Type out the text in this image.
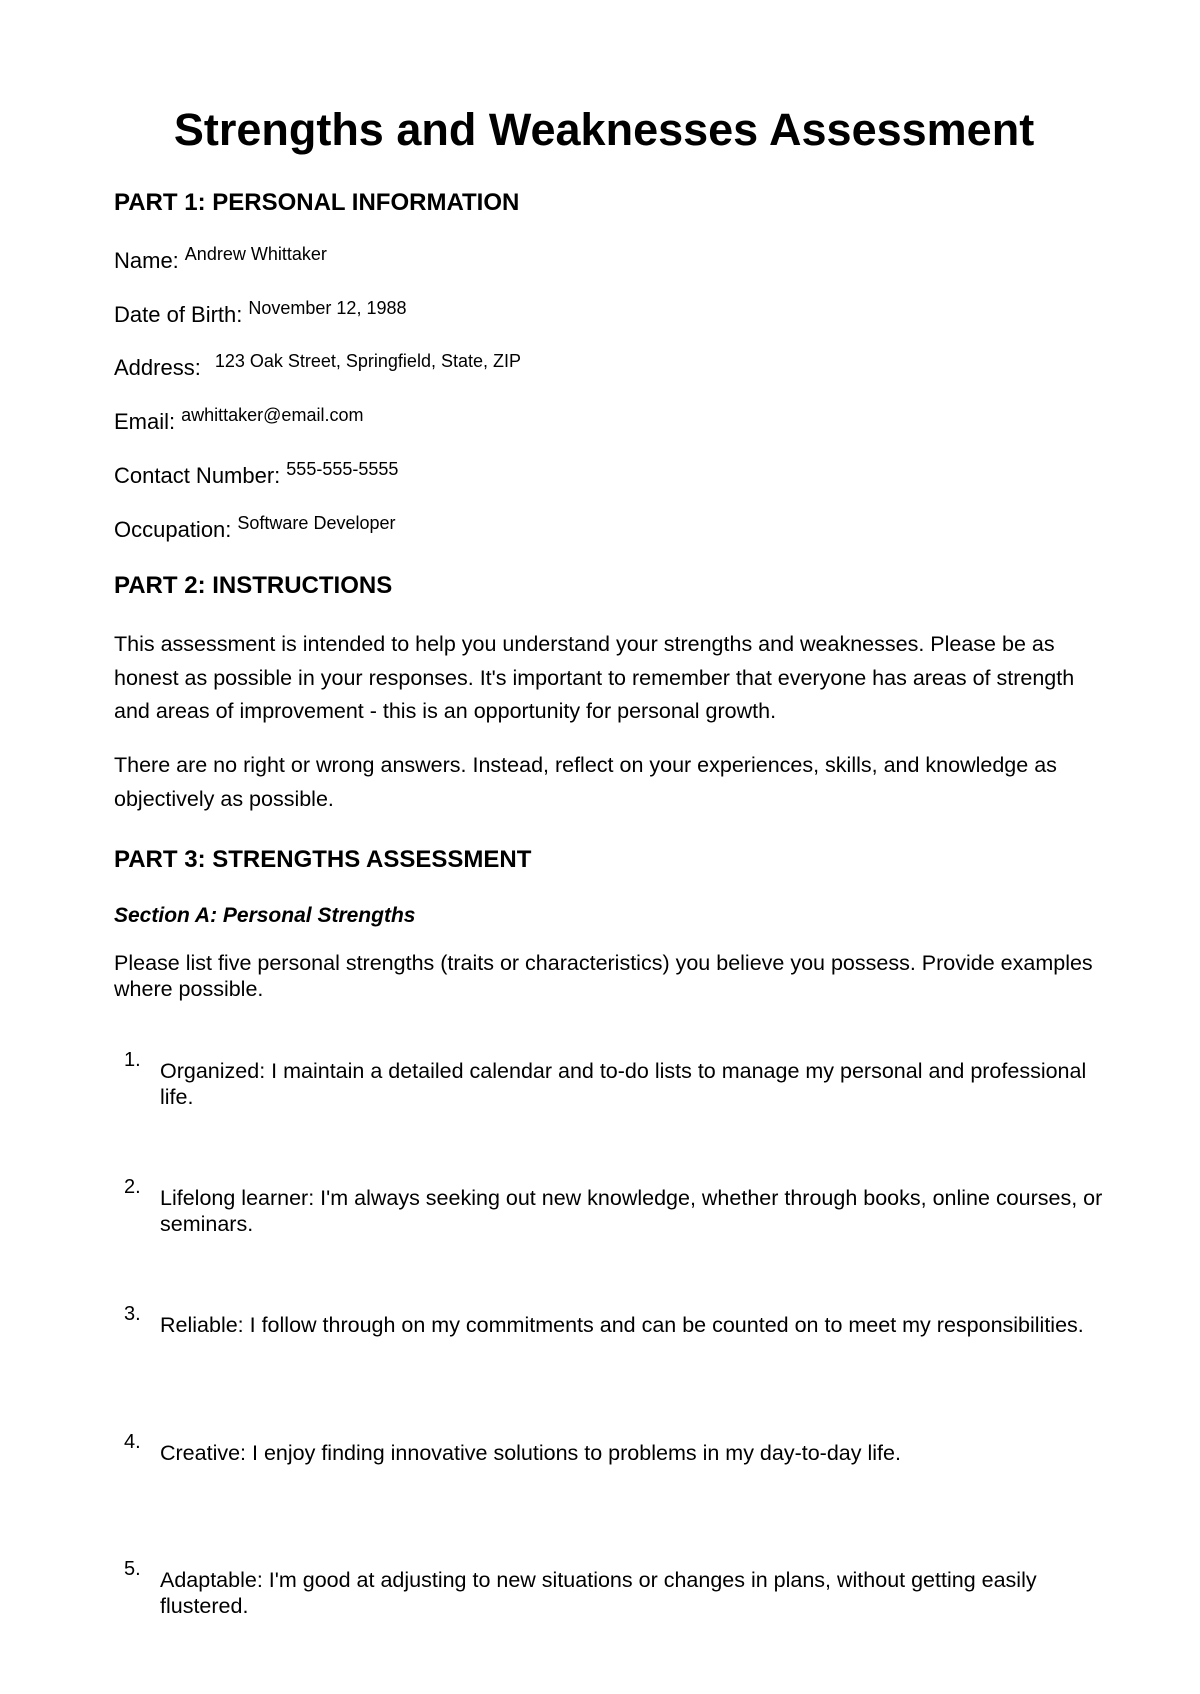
Strengths and Weaknesses Assessment
PART 1: PERSONAL INFORMATION
Name: Andrew Whittaker
Date of Birth: November 12, 1988
Address: 123 Oak Street, Springfield, State, ZIP
Email: awhittaker@email.com
Contact Number: 555-555-5555
Occupation: Software Developer
PART 2: INSTRUCTIONS

This assessment is intended to help you understand your strengths and weaknesses. Please be as honest as possible in your responses. It's important to remember that everyone has areas of strength and areas of improvement - this is an opportunity for personal growth.

There are no right or wrong answers. Instead, reflect on your experiences, skills, and knowledge as objectively as possible.

PART 3: STRENGTHS ASSESSMENT
Section A: Personal Strengths

Please list five personal strengths (traits or characteristics) you believe you possess. Provide examples where possible.

1. Organized: I maintain a detailed calendar and to-do lists to manage my personal and professional life.
2. Lifelong learner: I'm always seeking out new knowledge, whether through books, online courses, or seminars.
3. Reliable: I follow through on my commitments and can be counted on to meet my responsibilities.
4. Creative: I enjoy finding innovative solutions to problems in my day-to-day life.
5. Adaptable: I'm good at adjusting to new situations or changes in plans, without getting easily flustered.
